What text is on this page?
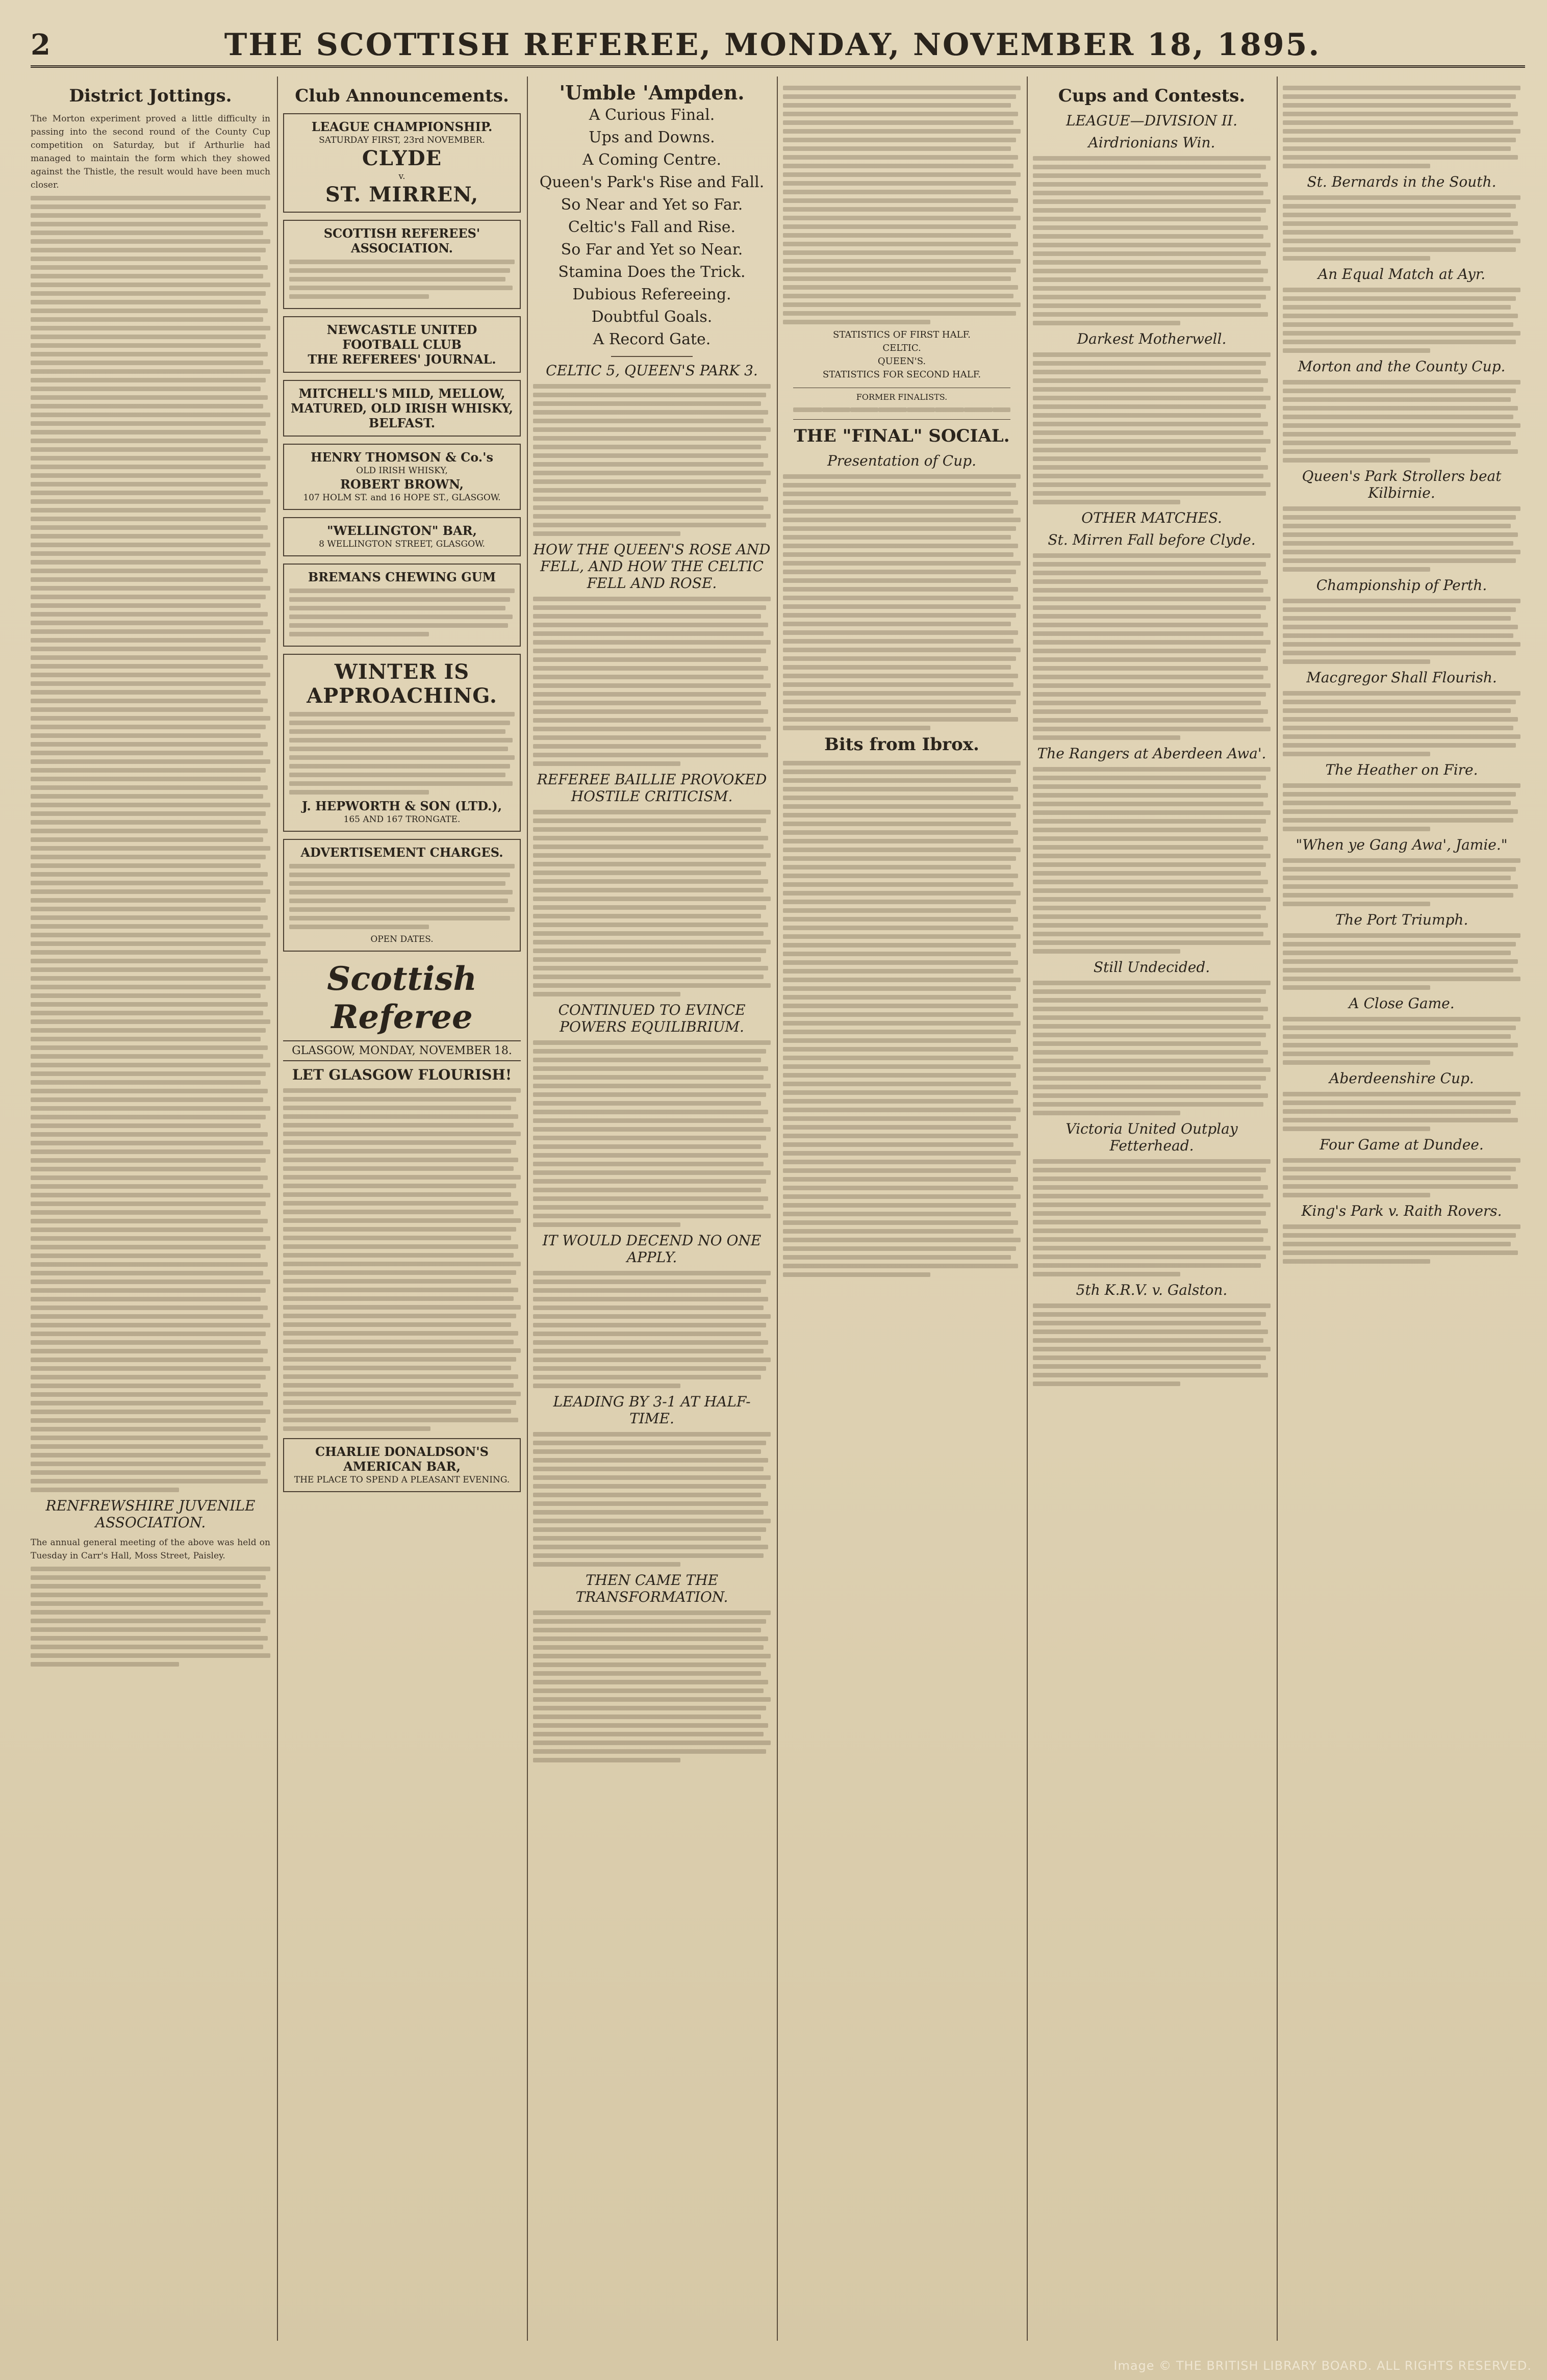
2	THE SCOTTISH REFEREE, MONDAY, NOVEMBER 18, 1895.
District Jottings.

The Morton experiment proved a little difficulty in passing into the second round of the County Cup competition on Saturday, but if Arthurlie had managed to maintain the form which they showed against the Thistle, the result would have been much closer.

RENFREWSHIRE JUVENILE ASSOCIATION.

The annual general meeting of the above was held on Tuesday in Carr's Hall, Moss Street, Paisley.

Club Announcements.
LEAGUE CHAMPIONSHIP.
SATURDAY FIRST, 23rd NOVEMBER.
CLYDE
v.
ST. MIRREN,
SCOTTISH REFEREES' ASSOCIATION.
NEWCASTLE UNITED FOOTBALL CLUB
THE REFEREES' JOURNAL.
MITCHELL'S MILD, MELLOW, MATURED, OLD IRISH WHISKY, BELFAST.
HENRY THOMSON & Co.'s
OLD IRISH WHISKY,
ROBERT BROWN,
107 HOLM ST. and 16 HOPE ST., GLASGOW.
"WELLINGTON" BAR,
8 WELLINGTON STREET, GLASGOW.
BREMANS CHEWING GUM
WINTER IS APPROACHING.
J. HEPWORTH & SON (LTD.),
165 AND 167 TRONGATE.
ADVERTISEMENT CHARGES.
OPEN DATES.
Scottish Referee
GLASGOW, MONDAY, NOVEMBER 18.
LET GLASGOW FLOURISH!
CHARLIE DONALDSON'S AMERICAN BAR,
THE PLACE TO SPEND A PLEASANT EVENING.
'Umble 'Ampden.
A Curious Final.
Ups and Downs.
A Coming Centre.
Queen's Park's Rise and Fall.
So Near and Yet so Far.
Celtic's Fall and Rise.
So Far and Yet so Near.
Stamina Does the Trick.
Dubious Refereeing.
Doubtful Goals.
A Record Gate.
CELTIC 5, QUEEN'S PARK 3.
HOW THE QUEEN'S ROSE AND FELL, AND HOW THE CELTIC FELL AND ROSE.
REFEREE BAILLIE PROVOKED HOSTILE CRITICISM.
CONTINUED TO EVINCE POWERS EQUILIBRIUM.
IT WOULD DECEND NO ONE APPLY.
LEADING BY 3-1 AT HALF-TIME.
THEN CAME THE TRANSFORMATION.
STATISTICS OF FIRST HALF.
CELTIC.
QUEEN'S.
STATISTICS FOR SECOND HALF.
FORMER FINALISTS.
THE "FINAL" SOCIAL.
Presentation of Cup.
Bits from Ibrox.
Cups and Contests.
LEAGUE—DIVISION II.
Airdrionians Win.
Darkest Motherwell.
OTHER MATCHES.
St. Mirren Fall before Clyde.
The Rangers at Aberdeen Awa'.
Still Undecided.
Victoria United Outplay Fetterhead.
5th K.R.V. v. Galston.
St. Bernards in the South.
An Equal Match at Ayr.
Morton and the County Cup.
Queen's Park Strollers beat Kilbirnie.
Championship of Perth.
Macgregor Shall Flourish.
The Heather on Fire.
"When ye Gang Awa', Jamie."
The Port Triumph.
A Close Game.
Aberdeenshire Cup.
Four Game at Dundee.
King's Park v. Raith Rovers.
Image © THE BRITISH LIBRARY BOARD. ALL RIGHTS RESERVED.
